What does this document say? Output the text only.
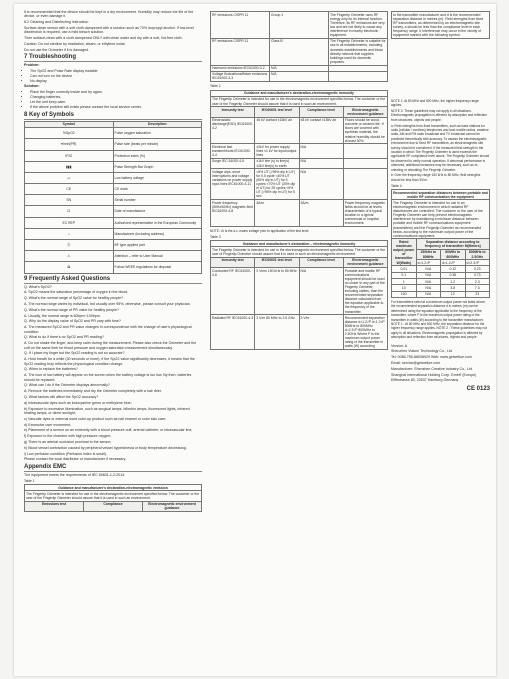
It is recommended that the device should be kept in a dry environment. Humidity may reduce the life of the device, or even damage it.
8.2 Cleaning and Disinfecting Instruction
Surface-clean sensor with a soft cloth dampened with a solution such as 70% isopropyl alcohol. If low-level disinfection is required, use a mild bleach solution.
Then surface-clean with a cloth dampened ONLY with clean water and dry with a soft, lint-free cloth.
Caution: Do not sterilize by irradiation, steam, or ethylene oxide.
Do not use the Oximeter if it is damaged.
7 Troubleshooting
Problem:
• The SpO2 and Pulse Rate display instable
• Can not turn on the device
• No display
Solution:
• Place the finger correctly inside and try again.
• Changing batteries.
• Let the unit keep calm.
• If the above problem still exists please contact the local service center.
8 Key of Symbols
Symbol	Description
%SpO2	Pulse oxygen saturation
♥/min(PR)	Pulse rate (beats per minute)
IP22	Protection index (%)
▮▮▮	Pulse Strength Bar Graph
▭	Low battery voltage
CE	CE mark
SN	Serial number
⊡	Date of manufacture
EC REP	Authorized representative in the European Community
⌂	Manufacturer (including address)
ⓑ	BF type applied part
⚠	Attention – refer to User Manual
⊠	Follow WEEE regulations for disposal
9 Frequently Asked Questions
Q. What's SpO2?
A. SpO2 means the saturation percentage of oxygen in the blood.
Q. What's the normal range of SpO2 value for healthy people?
A. The normal range varies by individual, but usually over 95%, otherwise, please consult your physician.
Q. What's the normal range of PR value for healthy people?
A. Usually, the normal range is 60bpm~100bpm.
Q. Why do the display value of SpO2 and PR vary with time?
A. The measured SpO2 and PR value changes in correspondence with the change of user's physiological condition.
Q. What to do if there's no SpO2 and PR reading?
A. Do not shake the finger, and keep calm during the measurement. Please also check the Oximeter and the cuff on the same limb for blood pressure and oxygen saturation measurement simultaneously.
Q. If I place my finger but the SpO2 reading is not so accurate?
A. Hold breath for a while (30 seconds or more), if the SpO2 value significantly decreases, it means that the SpO2 reading truly reflects the physiological condition change.
Q. When to replace the batteries?
A. The icon of low battery will appear on the screen when the battery voltage is too low. By then, batteries should be replaced.
Q. What can I do if the Oximeter displays abnormally?
A. Remove the batteries immediately and dry the Oximeter completely with a hair drier.
Q. What factors will affect the SpO2 accuracy?
a) Intravascular dyes such as indocyanine green or methylene blue;
b) Exposure to excessive illumination, such as surgical lamps, bilirubin lamps, fluorescent lights, infrared heating lamps, or direct sunlight;
c) Vascular dyes or external used color-up product such as nail enamel or color skin care;
d) Excessive user movement;
e) Placement of a sensor on an extremity with a blood pressure cuff, arterial catheter, or intravascular line;
f) Exposure to the chamber with high pressure oxygen;
g) There is an arterial occlusion proximal to the sensor;
h) Blood vessel contraction caused by peripheral vessel hyperkinesia or body temperature decreasing.
i) Low perfusion condition (Perfusion index is small).
Please contact the local distributor or manufacturer if necessary.
Appendix EMC
The equipment meets the requirements of IEC 60601-1-2:2014.
Table 1
Guidance and manufacturer's declaration-electromagnetic emission
The Fingertip Oximeter is intended for use in the electromagnetic environment specified below. The customer or the user of the Fingertip Oximeter should assure that it is used in such an environment.
Emissions test	Compliance	Electromagnetic environment guidance
RF emissions CISPR 11	Group 1	The Fingertip Oximeter uses RF energy only for its internal function. Therefore, its RF emissions are very low and are not likely to cause any interference in nearby electronic equipment.
RF emissions CISPR 11	Class B	The Fingertip Oximeter is suitable for use in all establishments, including domestic establishments and those directly network that supplies buildings used for domestic purposes.
Harmonic emissions IEC61000-3-2	N/A	
Voltage fluctuations/flicker emissions IEC61000-3-3	N/A	
Table 2
Guidance and manufacturer's declaration-electromagnetic immunity			
The Fingertip Oximeter is intended for use in the electromagnetic environment specified below. The customer or the user of the Fingertip Oximeter should assure that it is used in such an environment.			
Immunity test	IEC60601 test level	Compliance level	Electromagnetic environment guidance
Electrostatic discharge(ESD) IEC61000-4-2	±8 kV contact ±15kV air	±8 kV contact ±15kV air	Floors should be wood, concrete or ceramic tile. If floors are covered with synthetic material, the relative humidity should be at least 30%.
Electrical fast transient/burst IEC61000-4-4	±2kV for power supply lines ±1 kV for input/output lines	N/A	
Surge IEC 61000-4-5	±1kV line (s) to line(s) ±2kV line(s) to earth	N/A	
Voltage dips, short interruptions and voltage variations on power supply input lines IEC61000-4-11	<5% UT (>95% dip in UT) for 0.5 cycle <40% UT (60% dip in UT) for 5 cycles <70% UT (30% dip in UT) for 25 cycles <5% UT (>95% dip in UT) for 5 sec	N/A	
Power frequency (50Hz/60Hz) magnetic field IEC61000-4-8	3A/m	3A/m	Power frequency magnetic fields should be at levels characteristic of a typical location in a typical commercial or hospital environment.
NOTE: Ur is the a.c. mains voltage prior to application of the test level.
Table 3
Guidance and manufacturer's declaration – electromagnetic immunity			
The Fingertip Oximeter is intended for use in the electromagnetic environment specified below. The customer or the user of Fingertip Oximeter should assure that it is used in such an electromagnetic environment.			
Immunity test	IEC60601 test level	Compliance level	Electromagnetic environment guidance
Conducted RF IEC61000-4-6	3 Vrms 150 kHz to 80 MHz	N/A	Portable and mobile RF communications equipment should be used no closer to any part of the Fingertip Oximeter, including cables, than the recommended separation distance calculated from the equation applicable to the frequency of the transmitter.
Radiated RF IEC61000-4-3	3 V/m 80 MHz to 2.5 GHz	3 V/m	Recommended separation distance d=1.2√P d=1.2√P 80MHz to 800MHz d=2.3√P 800MHz to 2.5GHz Where P is the maximum output power rating of the transmitter in watts (W) according
to the transmitter manufacturer and d is the recommended separation distance in metres (m). Field strengths from fixed RF transmitters, as determined by an electromagnetic site survey, a should be less than the compliance level in each frequency range. b Interference may occur in the vicinity of equipment marked with the following symbol.
NOTE 1: At 80 MHz and 800 MHz, the higher frequency range applies.
NOTE 2: These guidelines may not apply in all situations. Electromagnetic propagation is affected by absorption and reflection from structures, objects and people.
a: Field strengths from fixed transmitters, such as base stations for radio (cellular / cordless) telephones and land mobile radios, amateur radio, AM and FM radio broadcast and TV broadcast cannot be predicted theoretically with accuracy. To assess the electromagnetic environment due to fixed RF transmitters, an electromagnetic site survey should be considered. If the measured field strength in the location in which The Fingertip Oximeter is used exceeds the applicable RF compliance level above, The Fingertip Oximeter should be observed to verify normal operation. If abnormal performance is observed, additional measures may be necessary, such as re-orienting or relocating The Fingertip Oximeter.
b: Over the frequency range 150 kHz to 80 MHz, field strengths should be less than 3V/m.
Table 4
Recommended separation distances between portable and mobile RF communication the equipment			
The Fingertip Oximeter is intended for use in an electromagnetic environment in which radiated RF disturbances are controlled. The customer or the user of the Fingertip Oximeter can help prevent electromagnetic interference by maintaining a minimum distance between portable and mobile RF communications equipment (transmitters) and the Fingertip Oximeter as recommended below, according to the maximum output power of the communications equipment.			
Rated maximum output power of transmitter W(Watts)	Separation distance according to frequency of transmitter M(Meters)		
	150kHz to 80MHz	80MHz to 800MHz	800MHz to 2.5GHz
	d=1.2√P	d=1.2√P	d=2.3√P
0.01	N/A	0.12	0.23
0.1	N/A	0.38	0.73
1	N/A	1.2	2.3
10	N/A	3.8	7.3
100	N/A	12	23
For transmitters rated at a maximum output power not listed above, the recommended separation distance d in meters (m) can be determined using the equation applicable to the frequency of the transmitter, where P is the maximum output power rating of the transmitter in watts (W) according to the transmitter manufacturer. NOTE 1 : At 80 MHz and 800 MHz, the separation distance for the higher frequency range applies. NOTE 2 : These guidelines may not apply in all situations. Electromagnetic propagation is affected by absorption and reflection from structures, objects and people.
Version: A
Shenzhen Viatom Technology Co., Ltd
Tel: 0086-755-86638929 Web: www.getwellue.com
Email: service@getwellue.com
Manufacturer: Shenzhen Creative Industry Co., Ltd
Shanghai International Holding Corp. GmbH (Europe)
Eiffestrasse 80, 20537 Hamburg Germany
CE 0123
